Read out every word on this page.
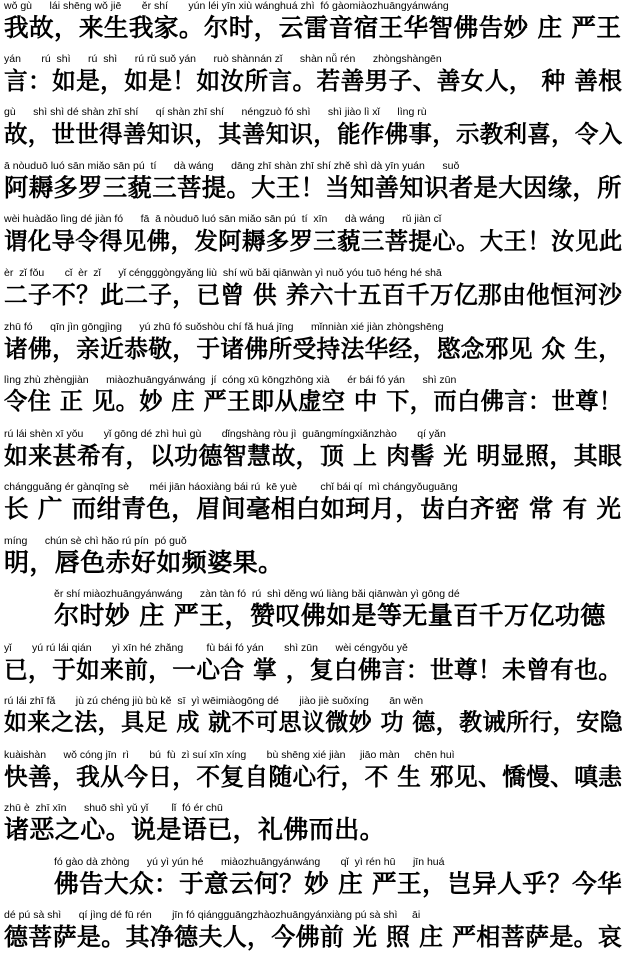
wǒ gù      lái shēng wǒ jiē       ěr shí       yún léi yīn xiù wánghuá zhì  fó gàomiàozhuāngyánwáng
我故，来生我家。尔时，云雷音宿王华智佛告妙 庄 严王
yán       rú  shì      rú  shì      rú rǔ suǒ yán      ruò shànnán zǐ      shàn nǚ rén      zhòngshàngēn
言：如是，如是！如汝所言。若善男子、善女人， 种 善根
gù      shì shì dé shàn zhī shí      qí shàn zhī shí      néngzuò fó shì      shì jiào lì xǐ      lìng rù
故，世世得善知识，其善知识，能作佛事，示教利喜，令入
ā nòuduō luó sān miǎo sān pú  tí      dà wáng      dāng zhī shàn zhī shí zhě shì dà yīn yuán      suǒ
阿耨多罗三藐三菩提。大王！当知善知识者是大因缘，所
wèi huàdǎo lìng dé jiàn fó      fā  ā nòuduō luó sān miǎo sān pú  tí  xīn      dà wáng      rǔ jiàn cǐ
谓化导令得见佛，发阿耨多罗三藐三菩提心。大王！汝见此
èr  zǐ fǒu       cǐ  èr  zǐ      yǐ céngggòngyǎng liù  shí wǔ bǎi qiānwàn yì nuǒ yóu tuō héng hé shā
二子不？此二子，已曾 供 养六十五百千万亿那由他恒河沙
zhū fó      qīn jìn gōngjìng      yú zhū fó suǒshòu chí fǎ huá jīng      mǐnniàn xié jiàn zhòngshēng
诸佛，亲近恭敬，于诸佛所受持法华经，愍念邪见 众 生，
lìng zhù zhèngjiàn      miàozhuāngyánwáng  jí  cóng xū kōngzhōng xià      ér bái fó yán      shì zūn
令住 正 见。妙 庄 严王即从虚空 中 下，而白佛言：世尊！
rú lái shèn xī yǒu       yǐ gōng dé zhì huì gù       dǐngshàng ròu jì  guāngmíngxiǎnzhào       qí yǎn
如来甚希有，以功德智慧故，顶 上 肉髻 光 明显照，其眼
chángguǎng ér gànqīng sè       méi jiān háoxiàng bái rú  kē yuè        chǐ bái qí  mì chángyǒuguāng
长 广 而绀青色，眉间毫相白如珂月，齿白齐密 常 有 光
míng      chún sè chì hǎo rú pín  pó guǒ
明，唇色赤好如频婆果。
ěr shí miàozhuāngyánwáng      zàn tàn fó  rú  shì děng wú liàng bǎi qiānwàn yì gōng dé
尔时妙 庄 严王，赞叹佛如是等无量百千万亿功德
yǐ       yú rú lái qián       yì xīn hé zhǎng        fù bái fó yán       shì zūn      wèi céngyǒu yě
已，于如来前，一心合 掌 ，复白佛言：世尊！未曾有也。
rú lái zhī fǎ       jù zú chéng jiù bù kě  sī  yì wēimiàogōng dé       jiào jiè suǒxíng       ān wěn
如来之法，具足 成 就不可思议微妙 功 德，教诫所行，安隐
kuàishàn      wǒ cóng jīn  rì       bú  fù  zì suí xīn xíng       bù shēng xié jiàn     jiāo màn     chēn huì
快善，我从今日，不复自随心行，不 生 邪见、憍慢、嗔恚
zhū è  zhī xīn      shuō shì yǔ yǐ        lǐ  fó ér chū
诸恶之心。说是语已，礼佛而出。
fó gào dà zhòng      yú yì yún hé      miàozhuāngyánwáng       qǐ  yì rén hū      jīn huá
佛告大众：于意云何？妙 庄 严王，岂异人乎？今华
dé pú sà shì      qí jìng dé fū rén       jīn fó qiángguāngzhàozhuāngyánxiàng pú sà shì     āi
德菩萨是。其净德夫人，今佛前 光 照 庄 严相菩萨是。哀
